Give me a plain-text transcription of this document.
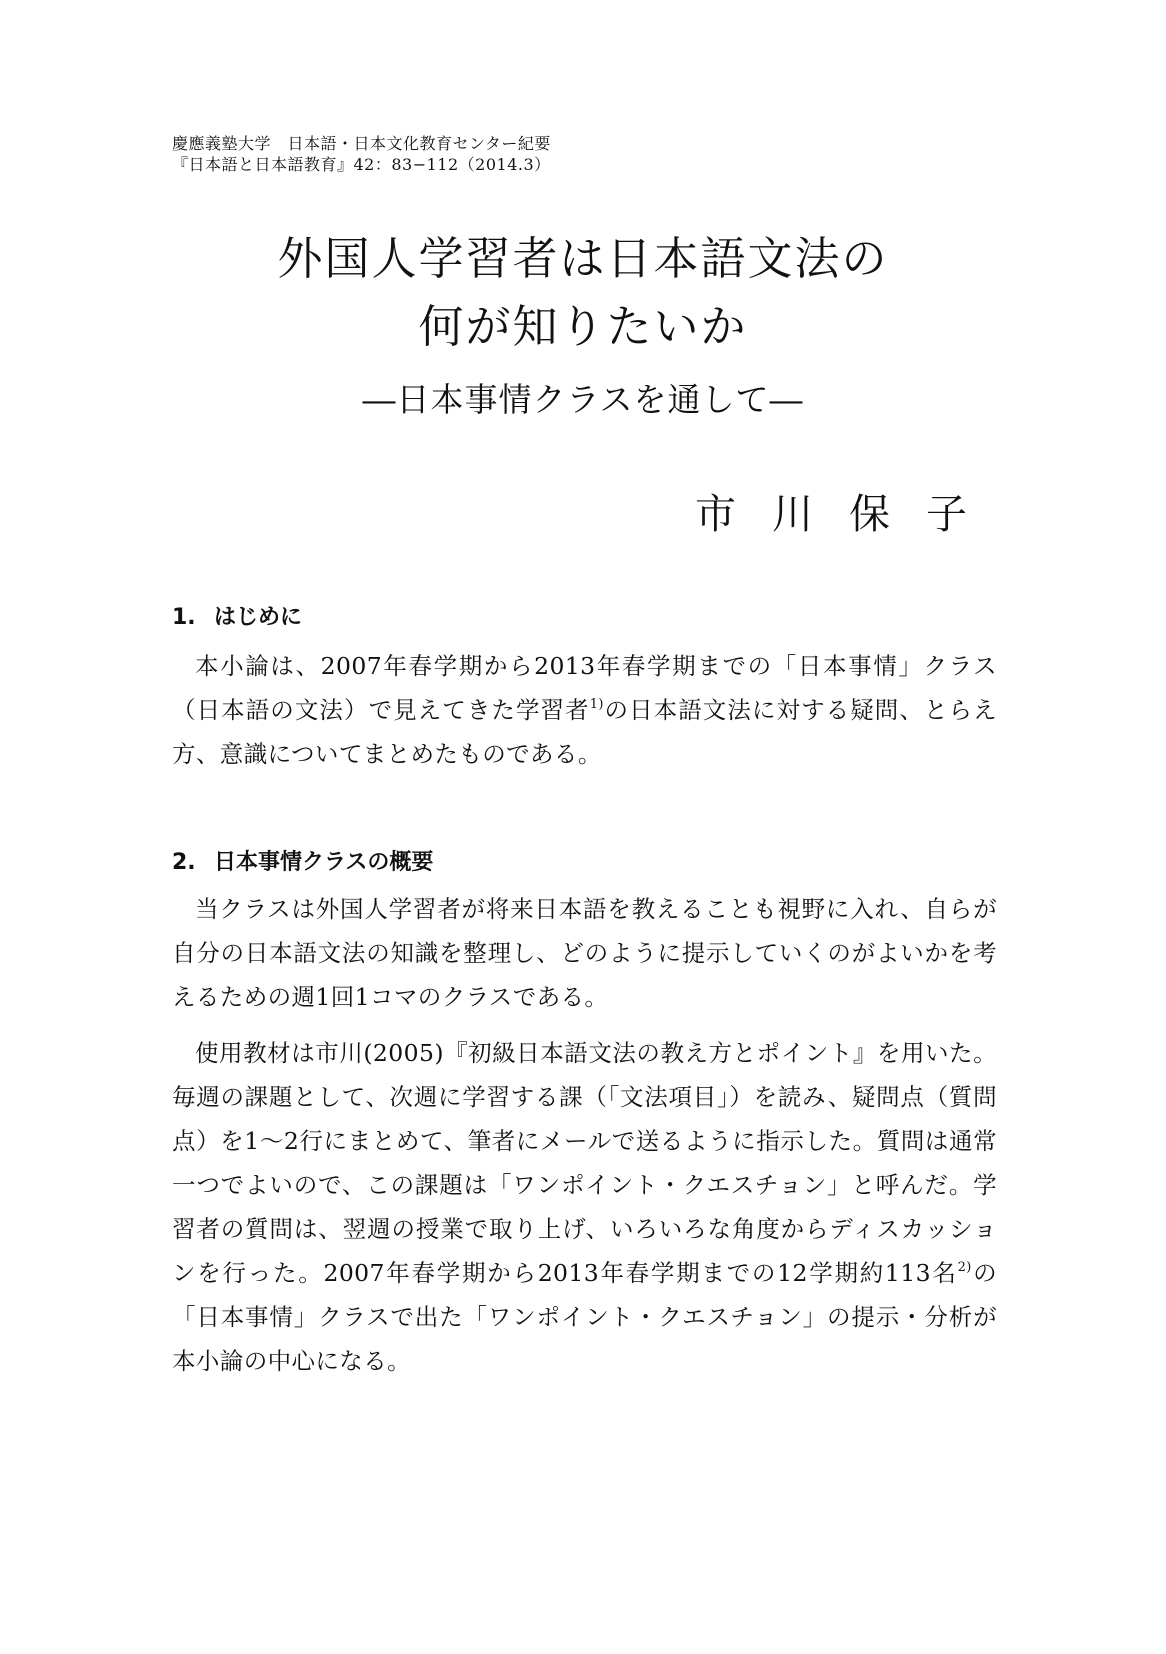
慶應義塾大学　日本語・日本文化教育センター紀要
『日本語と日本語教育』42：83−112（2014.3）
外国人学習者は日本語文法の
何が知りたいか
―日本事情クラスを通して―
市川保子
1. はじめに

本小論は、2007年春学期から2013年春学期までの「日本事情」クラス（日本語の文法）で見えてきた学習者$^{1)}$の日本語文法に対する疑問、とらえ方、意識についてまとめたものである。

2. 日本事情クラスの概要

当クラスは外国人学習者が将来日本語を教えることも視野に入れ、自らが自分の日本語文法の知識を整理し、どのように提示していくのがよいかを考えるための週1回1コマのクラスである。

使用教材は市川(2005)『初級日本語文法の教え方とポイント』を用いた。毎週の課題として、次週に学習する課（「文法項目」）を読み、疑問点（質問点）を1〜2行にまとめて、筆者にメールで送るように指示した。質問は通常一つでよいので、この課題は「ワンポイント・クエスチョン」と呼んだ。学習者の質問は、翌週の授業で取り上げ、いろいろな角度からディスカッションを行った。2007年春学期から2013年春学期までの12学期約113名$^{2)}$の「日本事情」クラスで出た「ワンポイント・クエスチョン」の提示・分析が本小論の中心になる。
